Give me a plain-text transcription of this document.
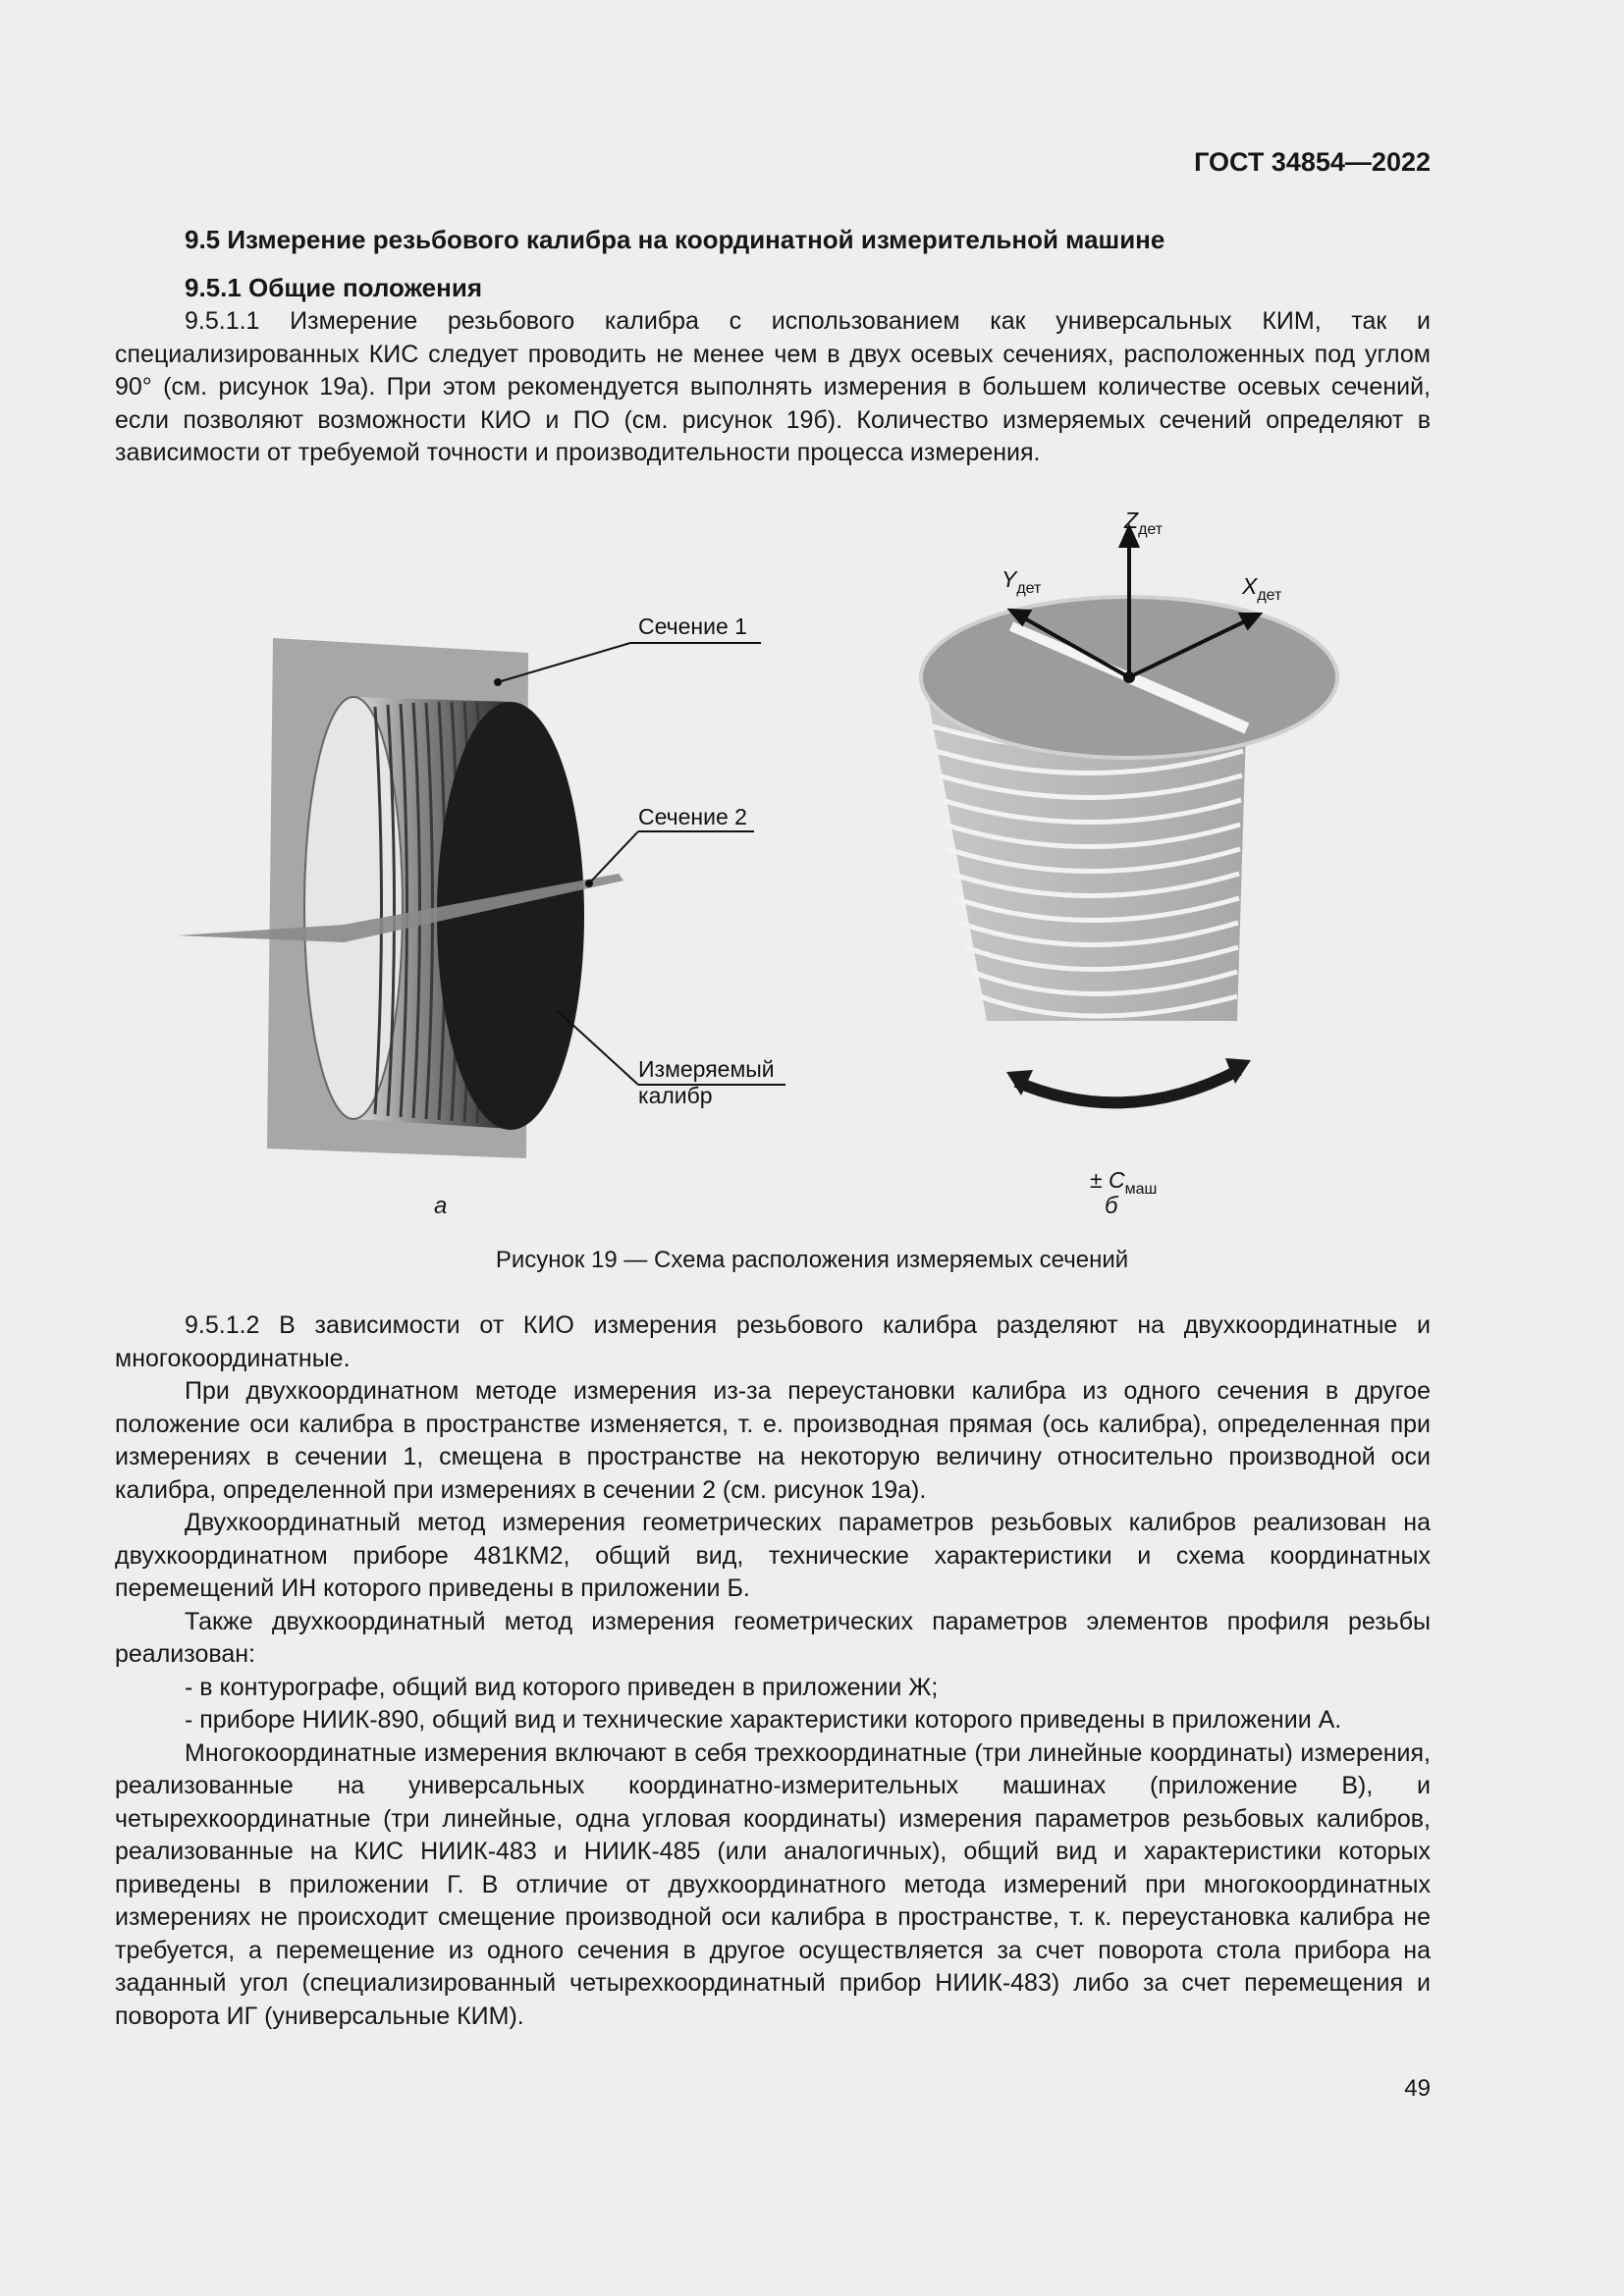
ГОСТ 34854—2022
9.5 Измерение резьбового калибра на координатной измерительной машине
9.5.1 Общие положения

9.5.1.1 Измерение резьбового калибра с использованием как универсальных КИМ, так и специализированных КИС следует проводить не менее чем в двух осевых сечениях, расположенных под углом 90° (см. рисунок 19а). При этом рекомендуется выполнять измерения в большем количестве осевых сечений, если позволяют возможности КИО и ПО (см. рисунок 19б). Количество измеряемых сечений определяют в зависимости от требуемой точности и производительности процесса измерения.

Сечение 1
Сечение 2
Измеряемый
калибр
$Z_{дет}$
$Y_{дет}$	$X_{дет}$
± $C_{маш}$
а	б
Рисунок 19 — Схема расположения измеряемых сечений

9.5.1.2 В зависимости от КИО измерения резьбового калибра разделяют на двухкоординатные и многокоординатные.

При двухкоординатном методе измерения из-за переустановки калибра из одного сечения в другое положение оси калибра в пространстве изменяется, т. е. производная прямая (ось калибра), определенная при измерениях в сечении 1, смещена в пространстве на некоторую величину относительно производной оси калибра, определенной при измерениях в сечении 2 (см. рисунок 19а).

Двухкоординатный метод измерения геометрических параметров резьбовых калибров реализован на двухкоординатном приборе 481КМ2, общий вид, технические характеристики и схема координатных перемещений ИН которого приведены в приложении Б.

Также двухкоординатный метод измерения геометрических параметров элементов профиля резьбы реализован:

- в контурографе, общий вид которого приведен в приложении Ж;

- приборе НИИК-890, общий вид и технические характеристики которого приведены в приложении А.

Многокоординатные измерения включают в себя трехкоординатные (три линейные координаты) измерения, реализованные на универсальных координатно-измерительных машинах (приложение В), и четырехкоординатные (три линейные, одна угловая координаты) измерения параметров резьбовых калибров, реализованные на КИС НИИК-483 и НИИК-485 (или аналогичных), общий вид и характеристики которых приведены в приложении Г. В отличие от двухкоординатного метода измерений при многокоординатных измерениях не происходит смещение производной оси калибра в пространстве, т. к. переустановка калибра не требуется, а перемещение из одного сечения в другое осуществляется за счет поворота стола прибора на заданный угол (специализированный четырехкоординатный прибор НИИК-483) либо за счет перемещения и поворота ИГ (универсальные КИМ).

49
